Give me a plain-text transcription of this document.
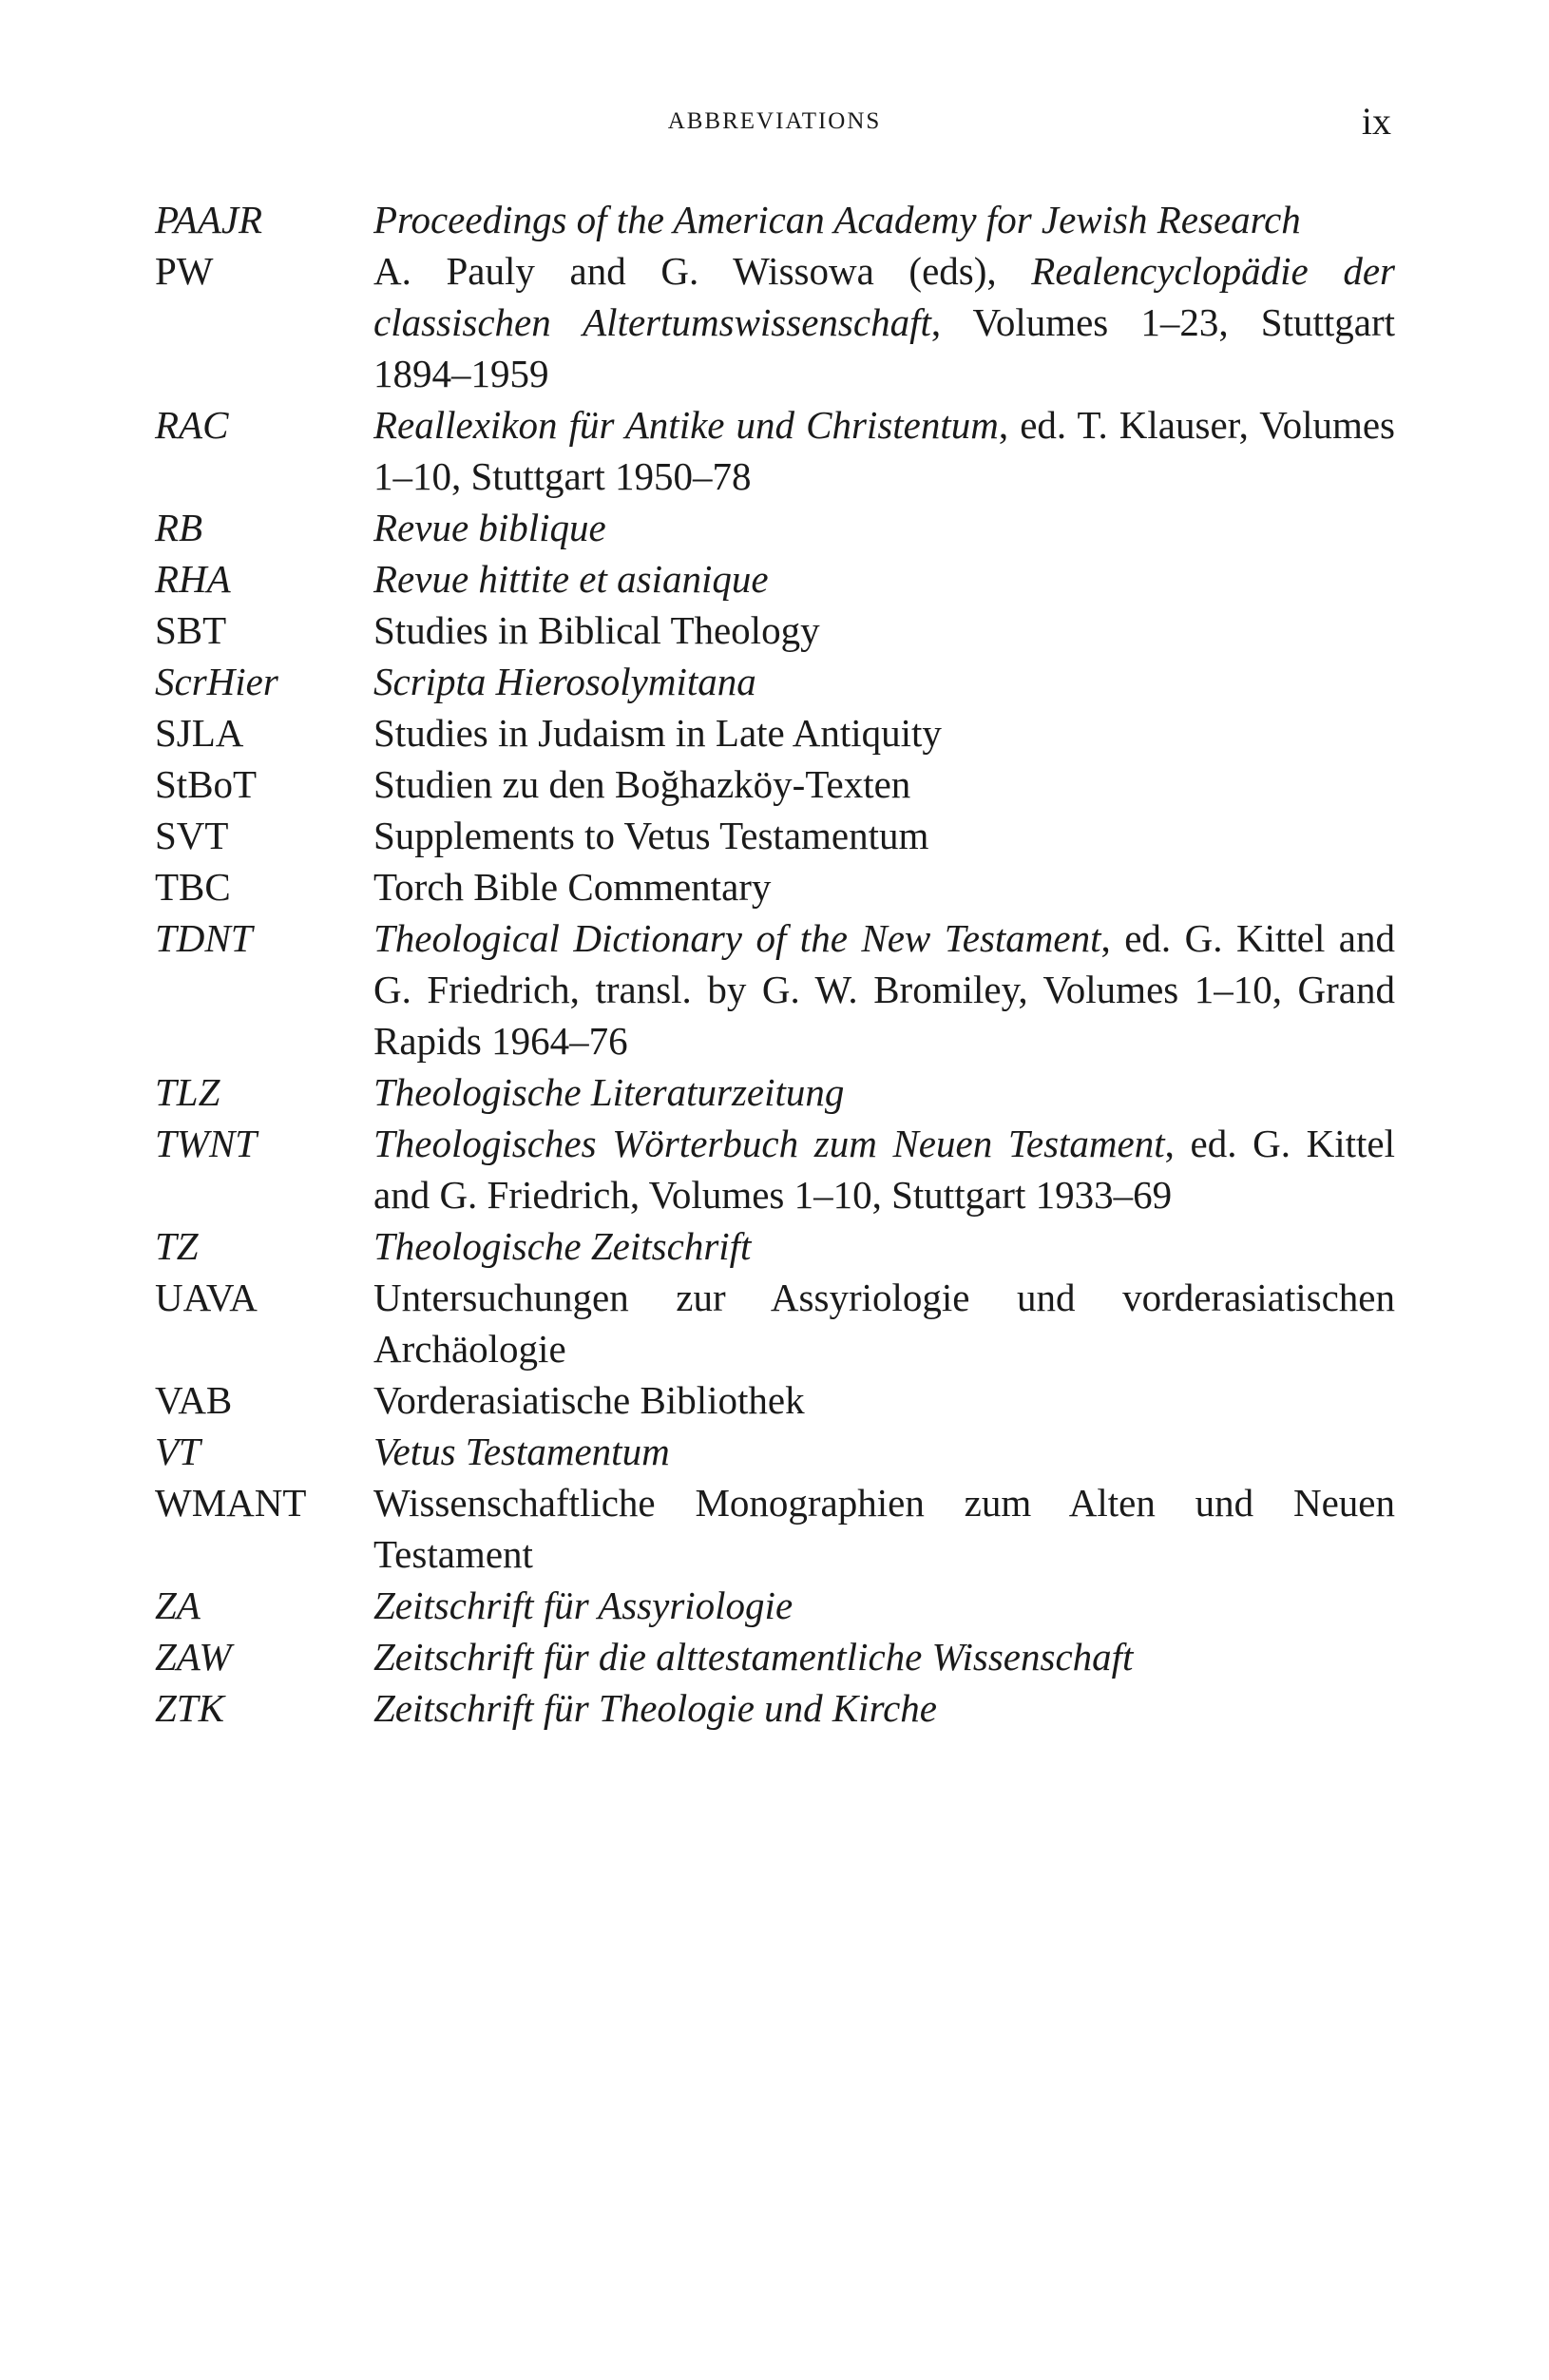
ABBREVIATIONS	ix
PAAJR	Proceedings of the American Academy for Jewish Research
PW	A. Pauly and G. Wissowa (eds), Realencyclopädie der classischen Altertumswissenschaft, Volumes 1–23, Stuttgart 1894–1959
RAC	Reallexikon für Antike und Christentum, ed. T. Klauser, Volumes 1–10, Stuttgart 1950–78
RB	Revue biblique
RHA	Revue hittite et asianique
SBT	Studies in Biblical Theology
ScrHier	Scripta Hierosolymitana
SJLA	Studies in Judaism in Late Antiquity
StBoT	Studien zu den Boğhazköy-Texten
SVT	Supplements to Vetus Testamentum
TBC	Torch Bible Commentary
TDNT	Theological Dictionary of the New Testament, ed. G. Kittel and G. Friedrich, transl. by G. W. Bromiley, Volumes 1–10, Grand Rapids 1964–76
TLZ	Theologische Literaturzeitung
TWNT	Theologisches Wörterbuch zum Neuen Testament, ed. G. Kittel and G. Friedrich, Volumes 1–10, Stuttgart 1933–69
TZ	Theologische Zeitschrift
UAVA	Untersuchungen zur Assyriologie und vorderasiatischen Archäologie
VAB	Vorderasiatische Bibliothek
VT	Vetus Testamentum
WMANT	Wissenschaftliche Monographien zum Alten und Neuen Testament
ZA	Zeitschrift für Assyriologie
ZAW	Zeitschrift für die alttestamentliche Wissenschaft
ZTK	Zeitschrift für Theologie und Kirche
